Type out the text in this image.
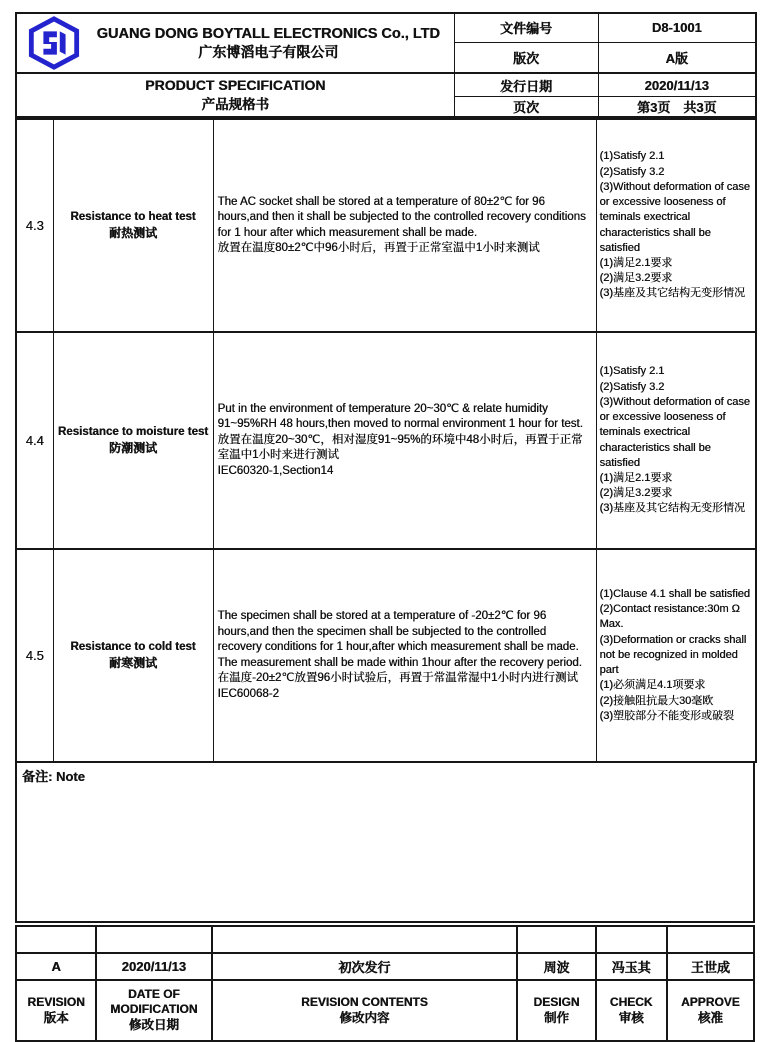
GUANG DONG BOYTALL ELECTRONICS Co., LTD
广东博滔电子有限公司	文件编号	D8-1001
	版次	A版

PRODUCT SPECIFICATION
产品规格书	发行日期	2020/11/13
	页次	第3页　共3页
4.3	
Resistance to heat test
耐热测试

The AC socket shall be stored at a temperature of 80±2℃ for 96 hours,and then it shall be subjected to the controlled recovery conditions for 1 hour after which measurement shall be made.
放置在温度80±2℃中96小时后，再置于正常室温中1小时来测试

(1)Satisfy 2.1
(2)Satisfy 3.2
(3)Without deformation of case or excessive looseness of teminals exectrical characteristics shall be satisfied
(1)满足2.1要求
(2)满足3.2要求
(3)基座及其它结构无变形情况

4.4	
Resistance to moisture test
防潮测试

Put in the environment of temperature 20~30℃ & relate humidity 91~95%RH 48 hours,then moved to normal environment 1 hour for test.
放置在温度20~30℃，相对湿度91~95%的环境中48小时后，再置于正常室温中1小时来进行测试
IEC60320-1,Section14

(1)Satisfy 2.1
(2)Satisfy 3.2
(3)Without deformation of case or excessive looseness of teminals exectrical characteristics shall be satisfied
(1)满足2.1要求
(2)满足3.2要求
(3)基座及其它结构无变形情况

4.5	
Resistance to cold test
耐寒测试

The specimen shall be stored at a temperature of -20±2℃ for 96 hours,and then the specimen shall be subjected to the controlled recovery conditions for 1 hour,after which measurement shall be made.
The measurement shall be made within 1hour after the recovery period.
在温度-20±2℃放置96小时试验后，再置于常温常湿中1小时内进行测试
IEC60068-2

(1)Clause 4.1 shall be satisfied
(2)Contact resistance:30m Ω Max.
(3)Deformation or cracks shall not be recognized in molded part
(1)必须满足4.1项要求
(2)接触阻抗最大30毫欧
(3)塑胶部分不能变形或破裂
备注: Note

A	2020/11/13	初次发行	周波	冯玉其	王世成

REVISION
版本

DATE OF MODIFICATION
修改日期

REVISION CONTENTS
修改内容

DESIGN
制作

CHECK
审核

APPROVE
核准
